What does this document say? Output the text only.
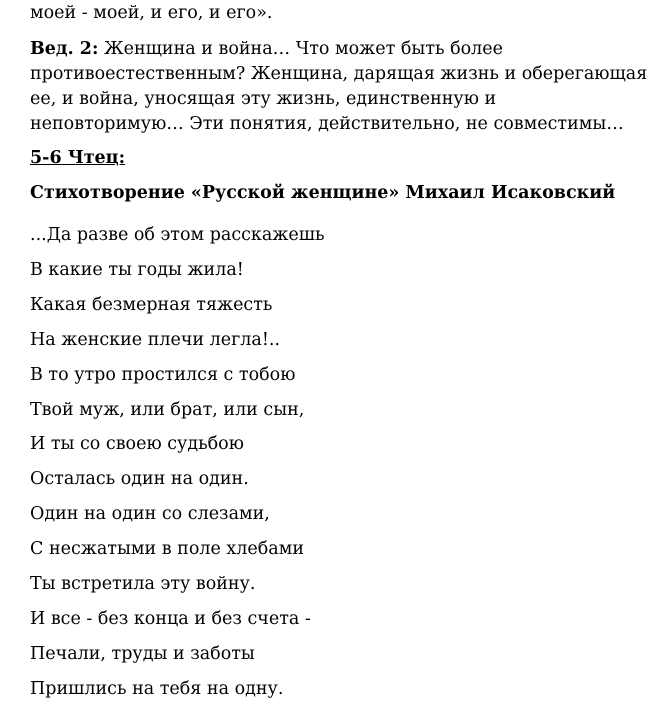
моей - моей, и его, и его».
Вед. 2: Женщина и война… Что может быть более
противоестественным? Женщина, дарящая жизнь и оберегающая
ее, и война, уносящая эту жизнь, единственную и
неповторимую… Эти понятия, действительно, не совместимы…
5-6 Чтец:
Стихотворение «Русской женщине» Михаил Исаковский
...Да разве об этом расскажешь
В какие ты годы жила!
Какая безмерная тяжесть
На женские плечи легла!..
В то утро простился с тобою
Твой муж, или брат, или сын,
И ты со своею судьбою
Осталась один на один.
Один на один со слезами,
С несжатыми в поле хлебами
Ты встретила эту войну.
И все - без конца и без счета -
Печали, труды и заботы
Пришлись на тебя на одну.
